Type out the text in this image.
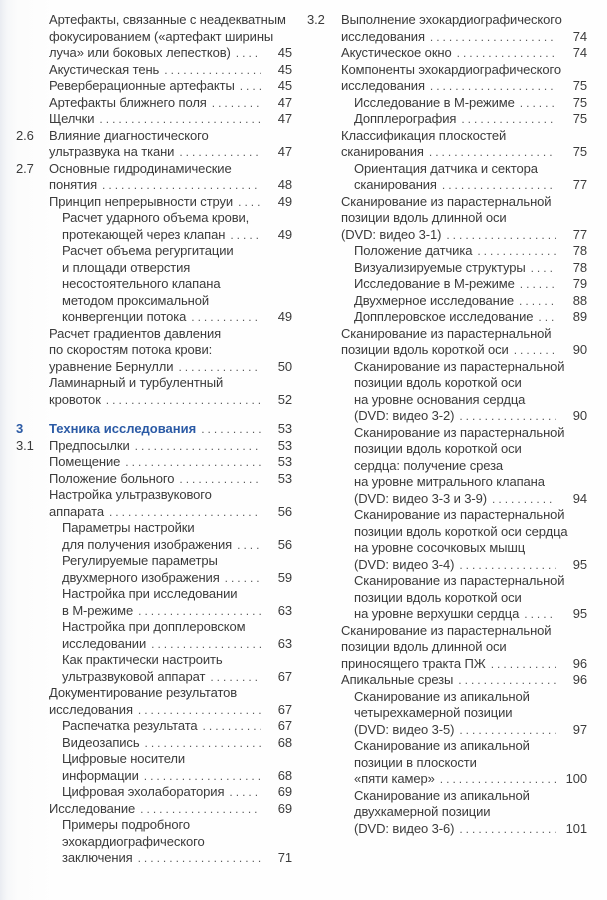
Артефакты, связанные с неадекватным
фокусированием («артефакт ширины
луча» или боковых лепестков) .....	45
Акустическая тень .....	45
Реверберационные артефакты .....	45
Артефакты ближнего поля .....	47
Щелчки .....	47
2.6	Влияние диагностического
ультразвука на ткани .....	47
2.7	Основные гидродинамические
понятия .....	48
Принцип непрерывности струи .....	49
Расчет ударного объема крови,
протекающей через клапан .....	49
Расчет объема регургитации
и площади отверстия
несостоятельного клапана
методом проксимальной
конвергенции потока .....	49
Расчет градиентов давления
по скоростям потока крови:
уравнение Бернулли .....	50
Ламинарный и турбулентный
кровоток .....	52
3	Техника исследования .....	53
3.1	Предпосылки .....	53
Помещение .....	53
Положение больного .....	53
Настройка ультразвукового
аппарата .....	56
Параметры настройки
для получения изображения .....	56
Регулируемые параметры
двухмерного изображения .....	59
Настройка при исследовании
в М-режиме .....	63
Настройка при допплеровском
исследовании .....	63
Как практически настроить
ультразвуковой аппарат .....	67
Документирование результатов
исследования .....	67
Распечатка результата .....	67
Видеозапись .....	68
Цифровые носители
информации .....	68
Цифровая эхолаборатория .....	69
Исследование .....	69
Примеры подробного
эхокардиографического
заключения .....	71
3.2	Выполнение эхокардиографического
исследования .....	74
Акустическое окно .....	74
Компоненты эхокардиографического
исследования .....	75
Исследование в М-режиме .....	75
Допплерография .....	75
Классификация плоскостей
сканирования .....	75
Ориентация датчика и сектора
сканирования .....	77
Сканирование из парастернальной
позиции вдоль длинной оси
(DVD: видео 3-1) .....	77
Положение датчика .....	78
Визуализируемые структуры .....	78
Исследование в М-режиме .....	79
Двухмерное исследование .....	88
Допплеровское исследование .....	89
Сканирование из парастернальной
позиции вдоль короткой оси .....	90
Сканирование из парастернальной
позиции вдоль короткой оси
на уровне основания сердца
(DVD: видео 3-2) .....	90
Сканирование из парастернальной
позиции вдоль короткой оси
сердца: получение среза
на уровне митрального клапана
(DVD: видео 3-3 и 3-9) .....	94
Сканирование из парастернальной
позиции вдоль короткой оси сердца
на уровне сосочковых мышц
(DVD: видео 3-4) .....	95
Сканирование из парастернальной
позиции вдоль короткой оси
на уровне верхушки сердца .....	95
Сканирование из парастернальной
позиции вдоль длинной оси
приносящего тракта ПЖ .....	96
Апикальные срезы .....	96
Сканирование из апикальной
четырехкамерной позиции
(DVD: видео 3-5) .....	97
Сканирование из апикальной
позиции в плоскости
«пяти камер» .....	100
Сканирование из апикальной
двухкамерной позиции
(DVD: видео 3-6) .....	101
